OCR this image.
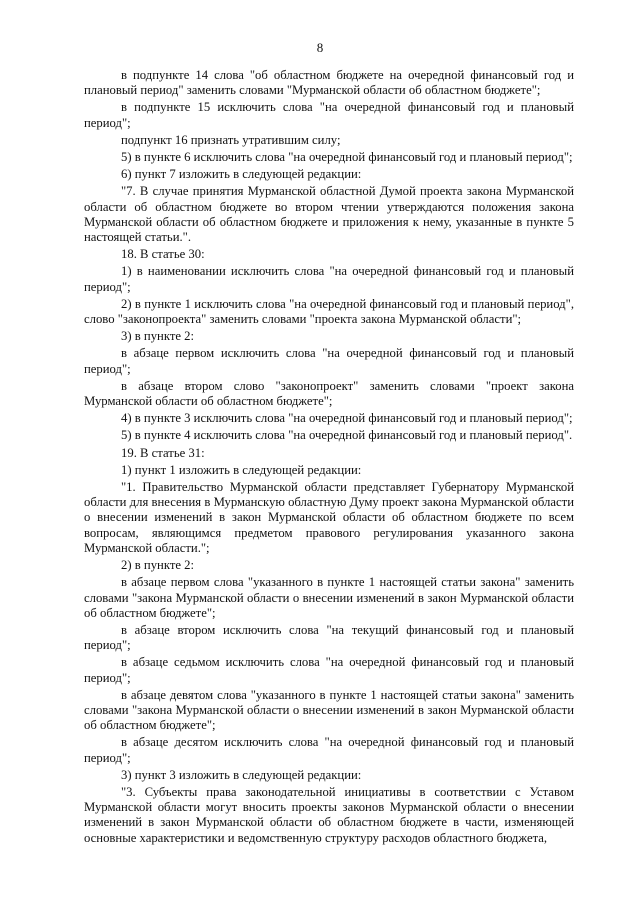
8

в подпункте 14 слова "об областном бюджете на очередной финансовый год и плановый период" заменить словами "Мурманской области об областном бюджете";

в подпункте 15 исключить слова "на очередной финансовый год и плановый период";

подпункт 16 признать утратившим силу;

5) в пункте 6 исключить слова "на очередной финансовый год и плановый период";

6) пункт 7 изложить в следующей редакции:

"7. В случае принятия Мурманской областной Думой проекта закона Мурманской области об областном бюджете во втором чтении утверждаются положения закона Мурманской области об областном бюджете и приложения к нему, указанные в пункте 5 настоящей статьи.".

18. В статье 30:

1) в наименовании исключить слова "на очередной финансовый год и плановый период";

2) в пункте 1 исключить слова "на очередной финансовый год и плановый период", слово "законопроекта" заменить словами "проекта закона Мурманской области";

3) в пункте 2:

в абзаце первом исключить слова "на очередной финансовый год и плановый период";

в абзаце втором слово "законопроект" заменить словами "проект закона Мурманской области об областном бюджете";

4) в пункте 3 исключить слова "на очередной финансовый год и плановый период";

5) в пункте 4 исключить слова "на очередной финансовый год и плановый период".

19. В статье 31:

1) пункт 1 изложить в следующей редакции:

"1. Правительство Мурманской области представляет Губернатору Мурманской области для внесения в Мурманскую областную Думу проект закона Мурманской области о внесении изменений в закон Мурманской области об областном бюджете по всем вопросам, являющимся предметом правового регулирования указанного закона Мурманской области.";

2) в пункте 2:

в абзаце первом слова "указанного в пункте 1 настоящей статьи закона" заменить словами "закона Мурманской области о внесении изменений в закон Мурманской области об областном бюджете";

в абзаце втором исключить слова "на текущий финансовый год и плановый период";

в абзаце седьмом исключить слова "на очередной финансовый год и плановый период";

в абзаце девятом слова "указанного в пункте 1 настоящей статьи закона" заменить словами "закона Мурманской области о внесении изменений в закон Мурманской области об областном бюджете";

в абзаце десятом исключить слова "на очередной финансовый год и плановый период";

3) пункт 3 изложить в следующей редакции:

"3. Субъекты права законодательной инициативы в соответствии с Уставом Мурманской области могут вносить проекты законов Мурманской области о внесении изменений в закон Мурманской области об областном бюджете в части, изменяющей основные характеристики и ведомственную структуру расходов областного бюджета,
